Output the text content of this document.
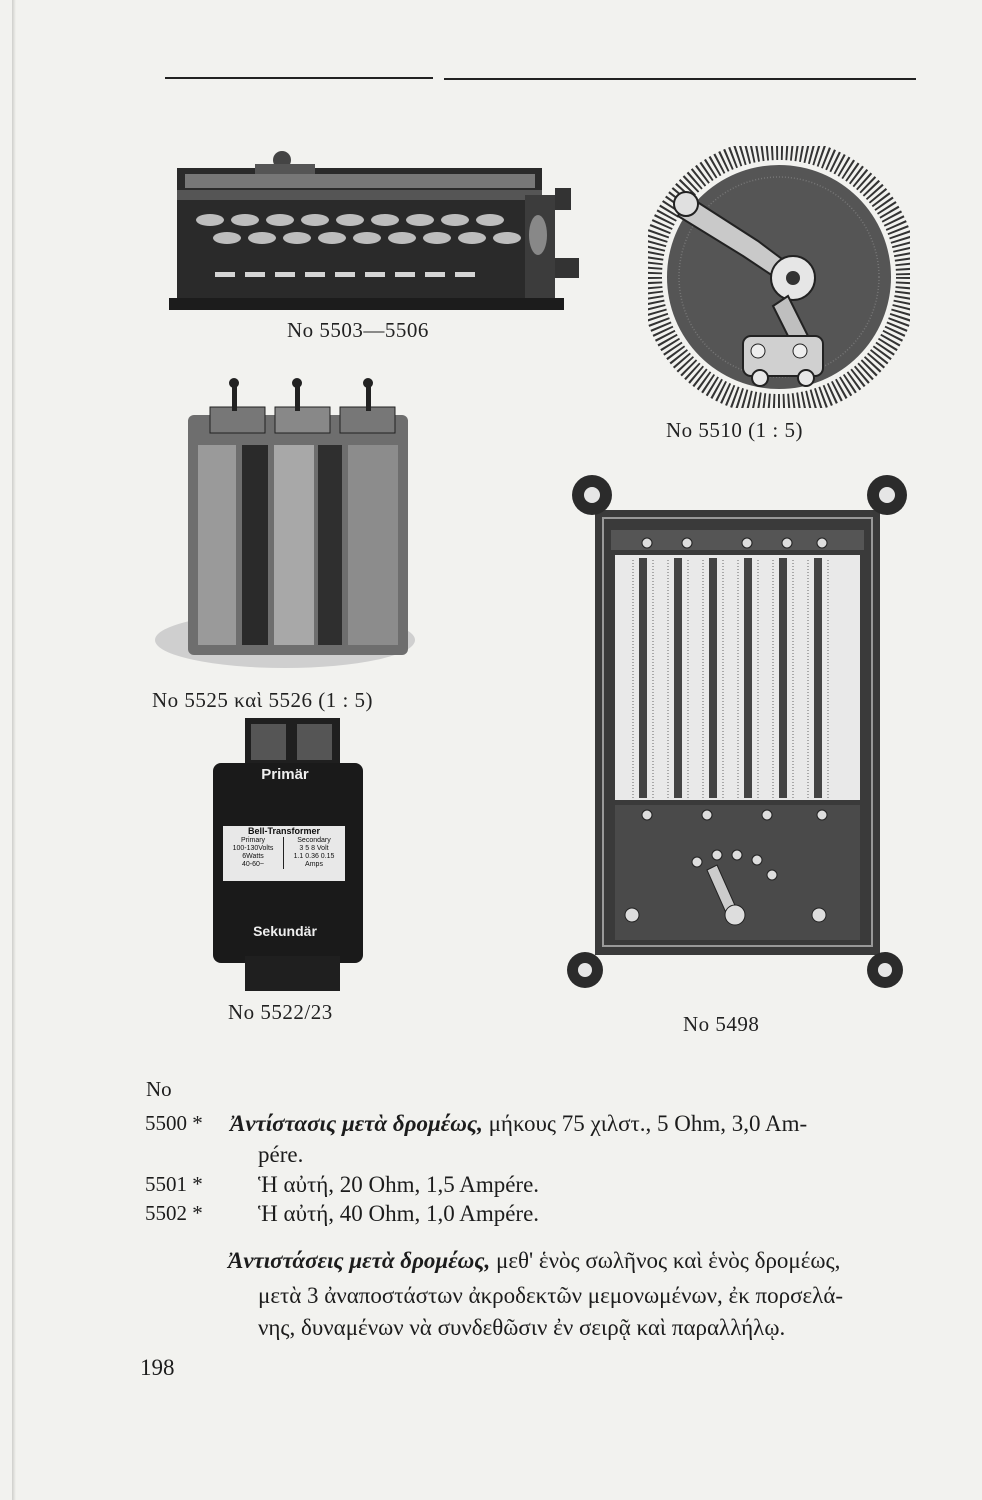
No 5503—5506
No 5510 (1 : 5)
No 5525 καὶ 5526 (1 : 5)
Primär
Bell-Transformer
Primary
100-130Volts
6Watts
40-60~
Secondary
3 5 8 Volt
1.1 0.36 0.15 Amps
Sekundär
No 5522/23	No 5498
No
5500 * Ἀντίστασις μετὰ δρομέως, μήκους 75 χιλστ., 5 Ohm, 3,0 Am-
pére.
5501 * Ἡ αὐτή, 20 Ohm, 1,5 Ampére.
5502 * Ἡ αὐτή, 40 Ohm, 1,0 Ampére.
Ἀντιστάσεις μετὰ δρομέως, μεθ' ἑνὸς σωλῆνος καὶ ἑνὸς δρομέως,
μετὰ 3 ἀναποστάστων ἀκροδεκτῶν μεμονωμένων, ἐκ πορσελά-
νης, δυναμένων νὰ συνδεθῶσιν ἐν σειρᾷ καὶ παραλλήλῳ.
198
